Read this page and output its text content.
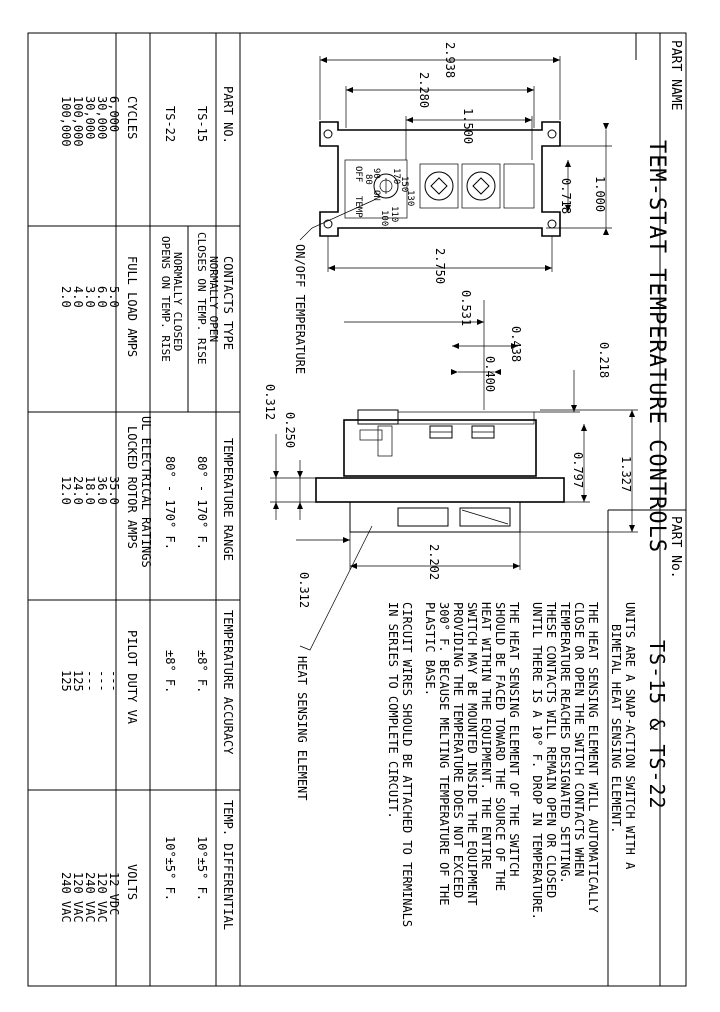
PART NAME
TEM-STAT TEMPERATURE CONTROLS PART No.
TS-15 & TS-22
UNITS ARE A SNAP-ACTION SWITCH WITH A
BIMETAL HEAT SENSING ELEMENT.
THE HEAT SENSING ELEMENT WILL AUTOMATICALLY
CLOSE OR OPEN THE SWITCH CONTACTS WHEN
TEMPERATURE REACHES DESIGNATED SETTING.
THESE CONTACTS WILL REMAIN OPEN OR CLOSED
UNTIL THERE IS A 10° F. DROP IN TEMPERATURE.
THE HEAT SENSING ELEMENT OF THE SWITCH
SHOULD BE FACED TOWARD THE SOURCE OF THE
HEAT WITHIN THE EQUIPMENT. THE ENTIRE
SWITCH MAY BE MOUNTED INSIDE THE EQUIPMENT
PROVIDING THE TEMPERATURE DOES NOT EXCEED
300° F. BECAUSE MELTING TEMPERATURE OF THE
PLASTIC BASE.
CIRCUIT WIRES SHOULD BE ATTACHED TO TERMINALS
IN SERIES TO COMPLETE CIRCUIT.
170
150
130
110
100
90
80
OFF
ON
TEMP
2.938
2.280
1.500
1.000
0.718
2.750
ON/OFF TEMPERATURE	0.531
0.438
0.400	0.218
1.327
0.797
0.312
0.250
2.202
0.312
HEAT SENSING ELEMENT
PART NO.
CONTACTS TYPE
TEMPERATURE RANGE
TEMPERATURE ACCURACY
TEMP. DIFFERENTIAL
TS-15
TS-22
NORMALLY OPEN
CLOSES ON TEMP. RISE
NORMALLY CLOSED
OPENS ON TEMP. RISE
80° - 170° F.
80° - 170° F.
±8° F.
±8° F.
10°±5° F.
10°±5° F.
UL ELECTRICAL RATINGS
CYCLES
FULL LOAD AMPS
LOCKED ROTOR AMPS
PILOT DUTY VA
VOLTS
6,000
5.0
35.0
---
12 VDC
30,000
6.0
36.0
---
120 VAC
30,000
3.0
18.0
---
240 VAC
100,000
4.0
24.0
125
120 VAC
100,000
2.0
12.0
125
240 VAC
